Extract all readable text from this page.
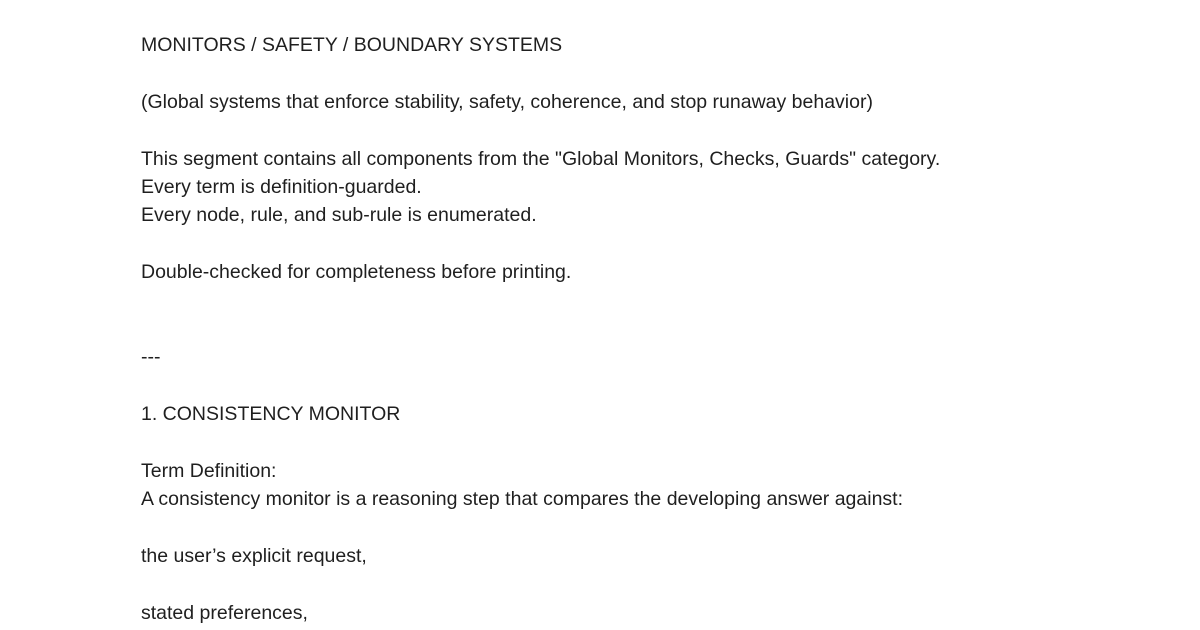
MONITORS / SAFETY / BOUNDARY SYSTEMS

(Global systems that enforce stability, safety, coherence, and stop runaway behavior)

This segment contains all components from the "Global Monitors, Checks, Guards" category.

Every term is definition-guarded.

Every node, rule, and sub-rule is enumerated.

Double-checked for completeness before printing.

---

1. CONSISTENCY MONITOR

Term Definition:

A consistency monitor is a reasoning step that compares the developing answer against:

the user’s explicit request,

stated preferences,
